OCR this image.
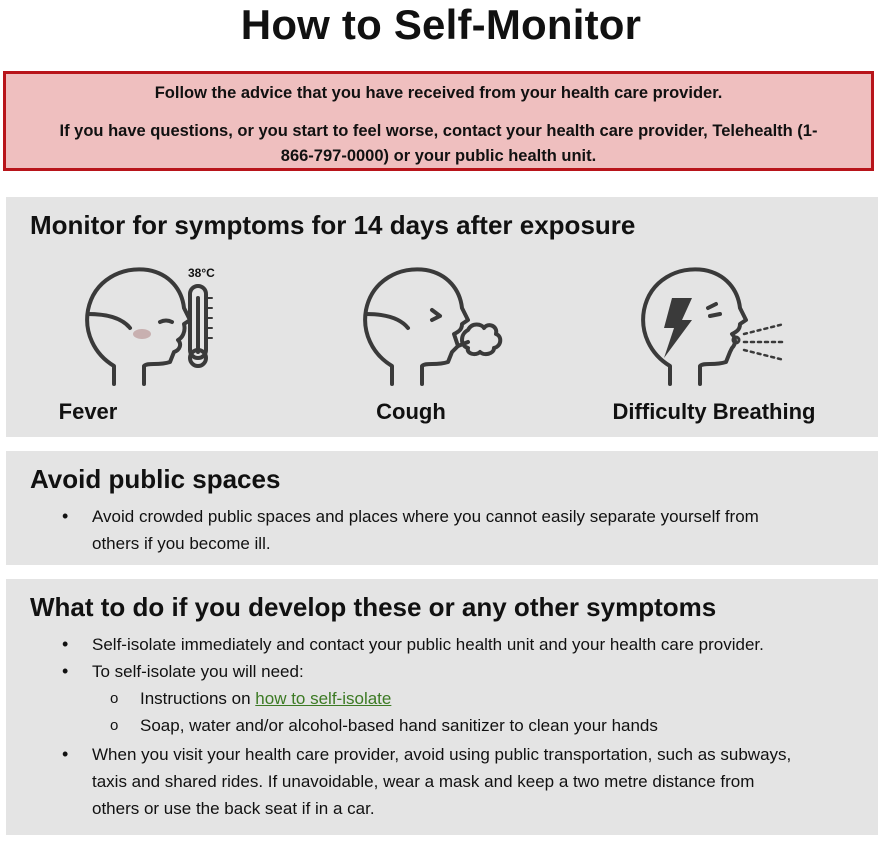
How to Self-Monitor
Follow the advice that you have received from your health care provider.
If you have questions, or you start to feel worse, contact your health care provider, Telehealth (1-866-797-0000) or your public health unit.
Monitor for symptoms for 14 days after exposure
38°C
Fever	Cough	Difficulty Breathing
Avoid public spaces
• Avoid crowded public spaces and places where you cannot easily separate yourself from others if you become ill.
What to do if you develop these or any other symptoms
• Self-isolate immediately and contact your public health unit and your health care provider.
• To self-isolate you will need:
o Instructions on how to self-isolate
o Soap, water and/or alcohol-based hand sanitizer to clean your hands
• When you visit your health care provider, avoid using public transportation, such as subways, taxis and shared rides. If unavoidable, wear a mask and keep a two metre distance from others or use the back seat if in a car.
